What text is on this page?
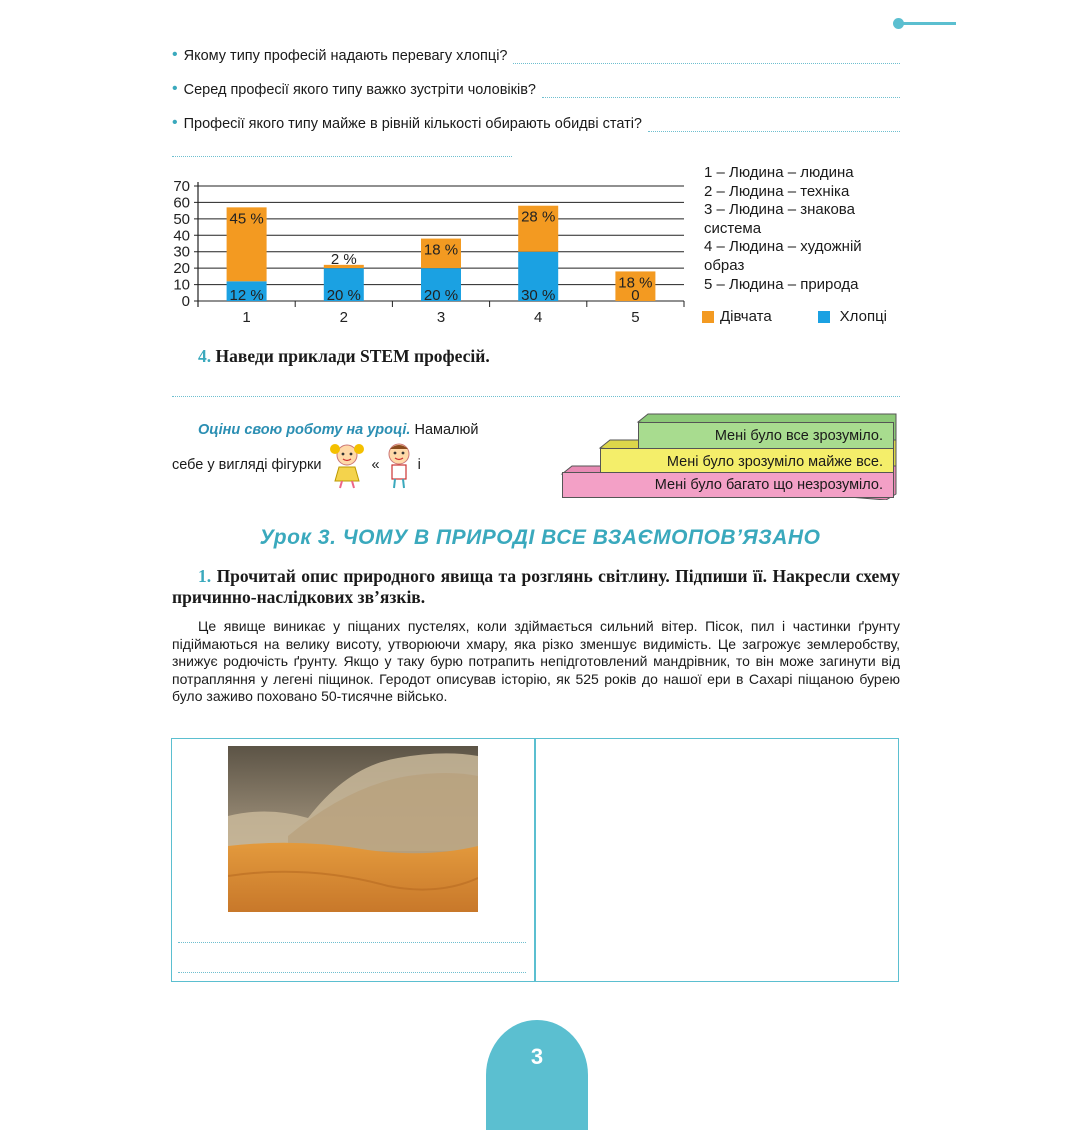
• Якому типу професій надають перевагу хлопці?
• Серед професії якого типу важко зустріти чоловіків?
• Професії якого типу майже в рівній кількості обирають обидві статі?
0
10
20
30
40
50
60
70
12 %
45 %
1
20 %
2 %
2
20 %
18 %
3
30 %
28 %
4
0
18 %
5
1 – Людина – людина
2 – Людина – техніка
3 – Людина – знакова
система
4 – Людина – художній
образ
5 – Людина – природа
Дівчата	Хлопці
4. Наведи приклади STEM професій.
Оціни свою роботу на уроці. Намалюй
себе у вигляді фігурки	«	і
Мені було все зрозуміло.
Мені було зрозуміло майже все.
Мені було багато що незрозуміло.
Урок 3. ЧОМУ В ПРИРОДІ ВСЕ ВЗАЄМОПОВ’ЯЗАНО
1. Прочитай опис природного явища та розглянь світлину. Підпиши її. Накресли схему причинно-наслідкових зв’язків.
Це явище виникає у піщаних пустелях, коли здіймається сильний вітер. Пісок, пил і частинки ґрунту підіймаються на велику висоту, утворюючи хмару, яка різко зменшує видимість. Це загрожує землеробству, знижує родючість ґрунту. Якщо у таку бурю потрапить непідготовлений мандрівник, то він може загинути від потрапляння у легені піщинок. Геродот описував історію, як 525 років до нашої ери в Сахарі піщаною бурею було заживо поховано 50-тисячне військо.
3
